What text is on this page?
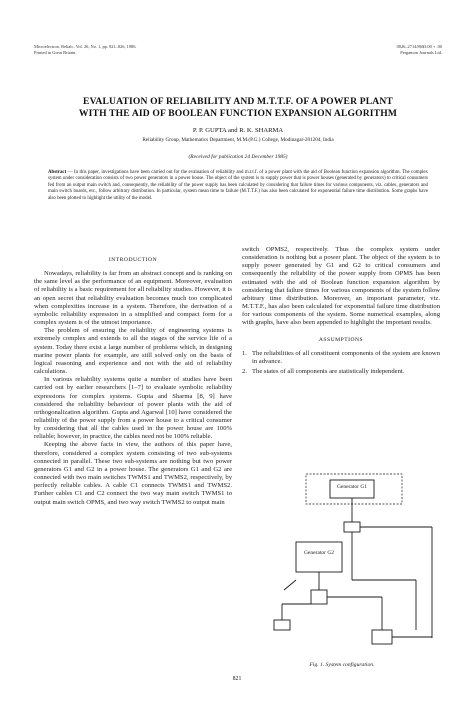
Microelectron. Reliab., Vol. 26, No. 1, pp. 821–826, 1986.
Printed in Great Britain.
0026–2714/86$3.00 + .00
Pergamon Journals Ltd.
EVALUATION OF RELIABILITY AND M.T.T.F. OF A POWER PLANT
WITH THE AID OF BOOLEAN FUNCTION EXPANSION ALGORITHM
P. P. GUPTA and R. K. SHARMA
Reliability Group, Mathematics Department, M.M.(P.G.) College, Modinagar-201204, India
(Received for publication 24 December 1985)
Abstract — In this paper, investigations have been carried out for the evaluation of reliability and m.t.t.f. of a power plant with the aid of Boolean function expansion algorithm. The complex system under consideration consists of two power generators in a power house. The object of the system is to supply power that is power houses (generated by generators) to critical consumers fed from an output main switch and, consequently, the reliability of the power supply has been calculated by considering that failure times for various components, viz. cables, generators and main switch boards, etc., follow arbitrary distribution. In particular, system mean time to failure (M.T.T.F.) has also been calculated for exponential failure time distribution. Some graphs have also been plotted to highlight the utility of the model.
INTRODUCTION

Nowadays, reliability is far from an abstract concept and is ranking on the same level as the performance of an equipment. Moreover, evaluation of reliability is a basic requirement for all reliability studies. However, it is an open secret that reliability evaluation becomes much too complicated when complexities increase in a system. Therefore, the derivation of a symbolic reliability expression in a simplified and compact form for a complex system is of the utmost importance.

The problem of ensuring the reliability of engineering systems is extremely complex and extends to all the stages of the service life of a system. Today there exist a large number of problems which, in designing marine power plants for example, are still solved only on the basis of logical reasoning and experience and not with the aid of reliability calculations.

In various reliability systems quite a number of studies have been carried out by earlier researchers [1–7] to evaluate symbolic reliability expressions for complex systems. Gupta and Sharma [8, 9] have considered the reliability behaviour of power plants with the aid of orthogonalization algorithm. Gupta and Agarwal [10] have considered the reliability of the power supply from a power house to a critical consumer by considering that all the cables used in the power house are 100% reliable; however, in practice, the cables need not be 100% reliable.

Keeping the above facts in view, the authors of this paper have, therefore, considered a complex system consisting of two sub-systems connected in parallel. These two sub-systems are nothing but two power generators G1 and G2 in a power house. The generators G1 and G2 are connected with two main switches TWMS1 and TWMS2, respectively, by perfectly reliable cables. A cable C1 connects TWMS1 and TWMS2. Further cables C1 and C2 connect the two way main switch TWMS1 to output main switch OPMS, and two way switch TWMS2 to output main

switch OPMS2, respectively. Thus the complex system under consideration is nothing but a power plant. The object of the system is to supply power generated by G1 and G2 to critical consumers and consequently the reliability of the power supply from OPMS has been estimated with the aid of Boolean function expansion algorithm by considering that failure times for various components of the system follow arbitrary time distribution. Moreover, an important parameter, viz. M.T.T.F., has also been calculated for exponential failure time distribution for various components of the system. Some numerical examples, along with graphs, have also been appended to highlight the important results.

ASSUMPTIONS
1. The reliabilities of all constituent components of the system are known in advance.
2. The states of all components are statistically independent.
Generator G1
Generator G2
Fig. 1. System configuration.
821
